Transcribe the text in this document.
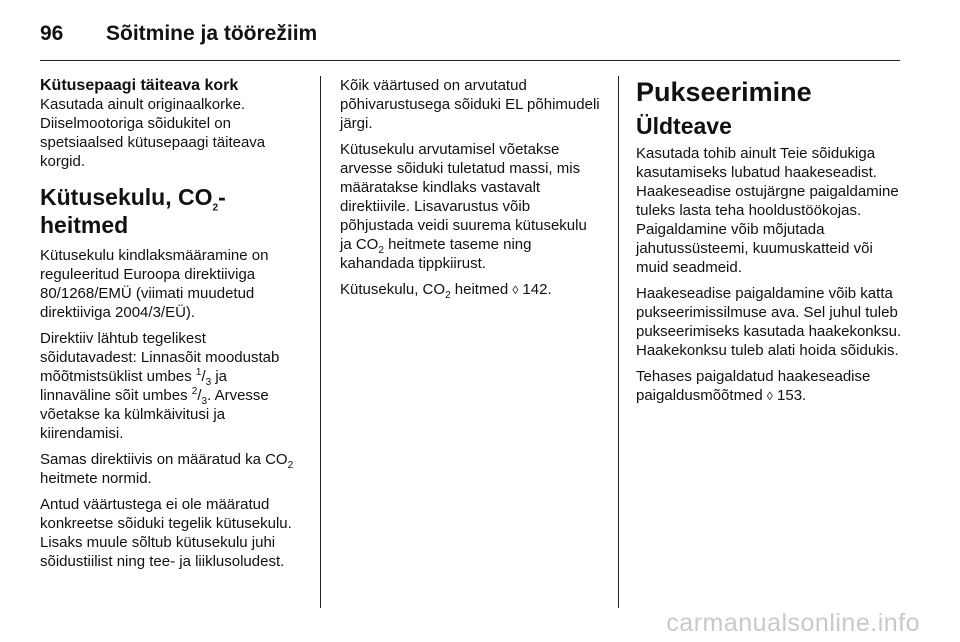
96 Sõitmine ja töörežiim
Kütusepaagi täiteava kork

Kasutada ainult originaalkorke. Diiselmootoriga sõidukitel on spetsiaalsed kütusepaagi täiteava korgid.

Kütusekulu, $CO_2$-heitmed

Kütusekulu kindlaksmääramine on reguleeritud Euroopa direktiiviga 80/1268/EMÜ (viimati muudetud direktiiviga 2004/3/EÜ).

Direktiiv lähtub tegelikest sõidutavadest: Linnasõit moodustab mõõtmistsüklist umbes $^1/_3$ ja linnaväline sõit umbes $^2/_3$. Arvesse võetakse ka külmkäivitusi ja kiirendamisi.

Samas direktiivis on määratud ka $CO_2$ heitmete normid.

Antud väärtustega ei ole määratud konkreetse sõiduki tegelik kütusekulu. Lisaks muule sõltub kütusekulu juhi sõidustiilist ning tee- ja liiklusoludest.

Kõik väärtused on arvutatud põhivarustusega sõiduki EL põhimudeli järgi.

Kütusekulu arvutamisel võetakse arvesse sõiduki tuletatud massi, mis määratakse kindlaks vastavalt direktiivile. Lisavarustus võib põhjustada veidi suurema kütusekulu ja $CO_2$ heitmete taseme ning kahandada tippkiirust.

Kütusekulu, $CO_2$ heitmed ◊ 142.

Pukseerimine
Üldteave

Kasutada tohib ainult Teie sõidukiga kasutamiseks lubatud haakeseadist. Haakeseadise ostujärgne paigaldamine tuleks lasta teha hooldustöökojas. Paigaldamine võib mõjutada jahutussüsteemi, kuumuskatteid või muid seadmeid.

Haakeseadise paigaldamine võib katta pukseerimissilmuse ava. Sel juhul tuleb pukseerimiseks kasutada haakekonksu. Haakekonksu tuleb alati hoida sõidukis.

Tehases paigaldatud haakeseadise paigaldusmõõtmed ◊ 153.

carmanualsonline.info
